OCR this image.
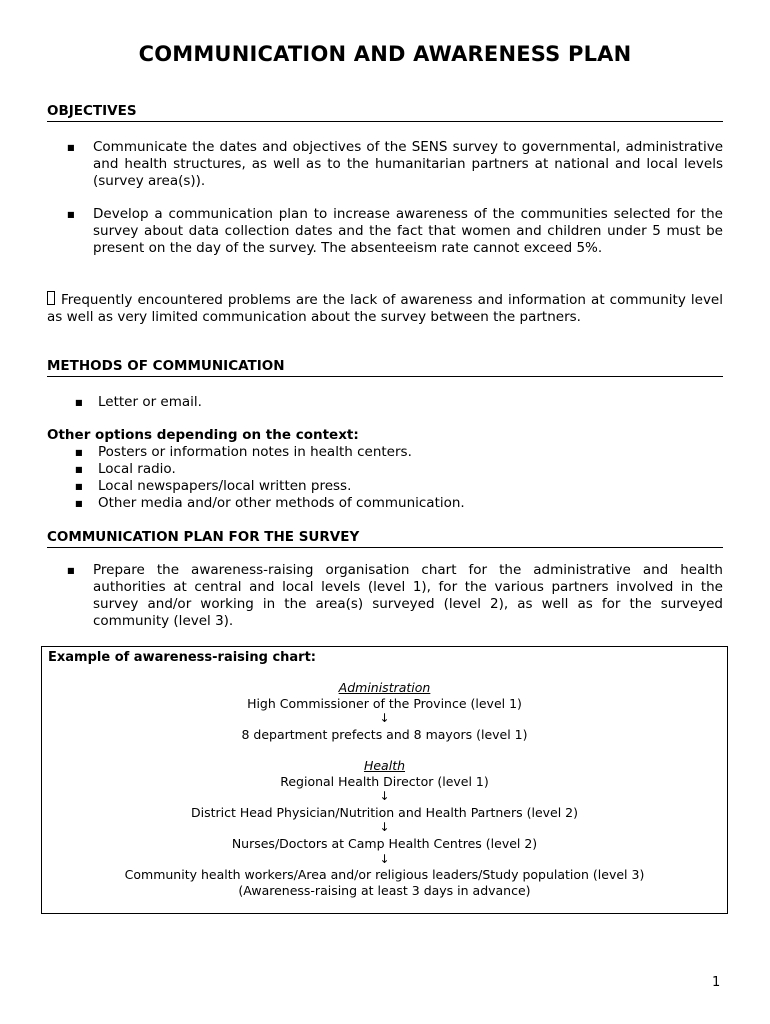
COMMUNICATION AND AWARENESS PLAN
OBJECTIVES
■	Communicate the dates and objectives of the SENS survey to governmental, administrative and health structures, as well as to the humanitarian partners at national and local levels (survey area(s)).
■	Develop a communication plan to increase awareness of the communities selected for the survey about data collection dates and the fact that women and children under 5 must be present on the day of the survey. The absenteeism rate cannot exceed 5%.
Frequently encountered problems are the lack of awareness and information at community level as well as very limited communication about the survey between the partners.
METHODS OF COMMUNICATION
■	Letter or email.
Other options depending on the context:
■	Posters or information notes in health centers.
■	Local radio.
■	Local newspapers/local written press.
■	Other media and/or other methods of communication.
COMMUNICATION PLAN FOR THE SURVEY
■	Prepare the awareness-raising organisation chart for the administrative and health authorities at central and local levels (level 1), for the various partners involved in the survey and/or working in the area(s) surveyed (level 2), as well as for the surveyed community (level 3).
Example of awareness-raising chart:
Administration
High Commissioner of the Province (level 1)
↓
8 department prefects and 8 mayors (level 1)
Health
Regional Health Director (level 1)
↓
District Head Physician/Nutrition and Health Partners (level 2)
↓
Nurses/Doctors at Camp Health Centres (level 2)
↓
Community health workers/Area and/or religious leaders/Study population (level 3)
(Awareness-raising at least 3 days in advance)
1
